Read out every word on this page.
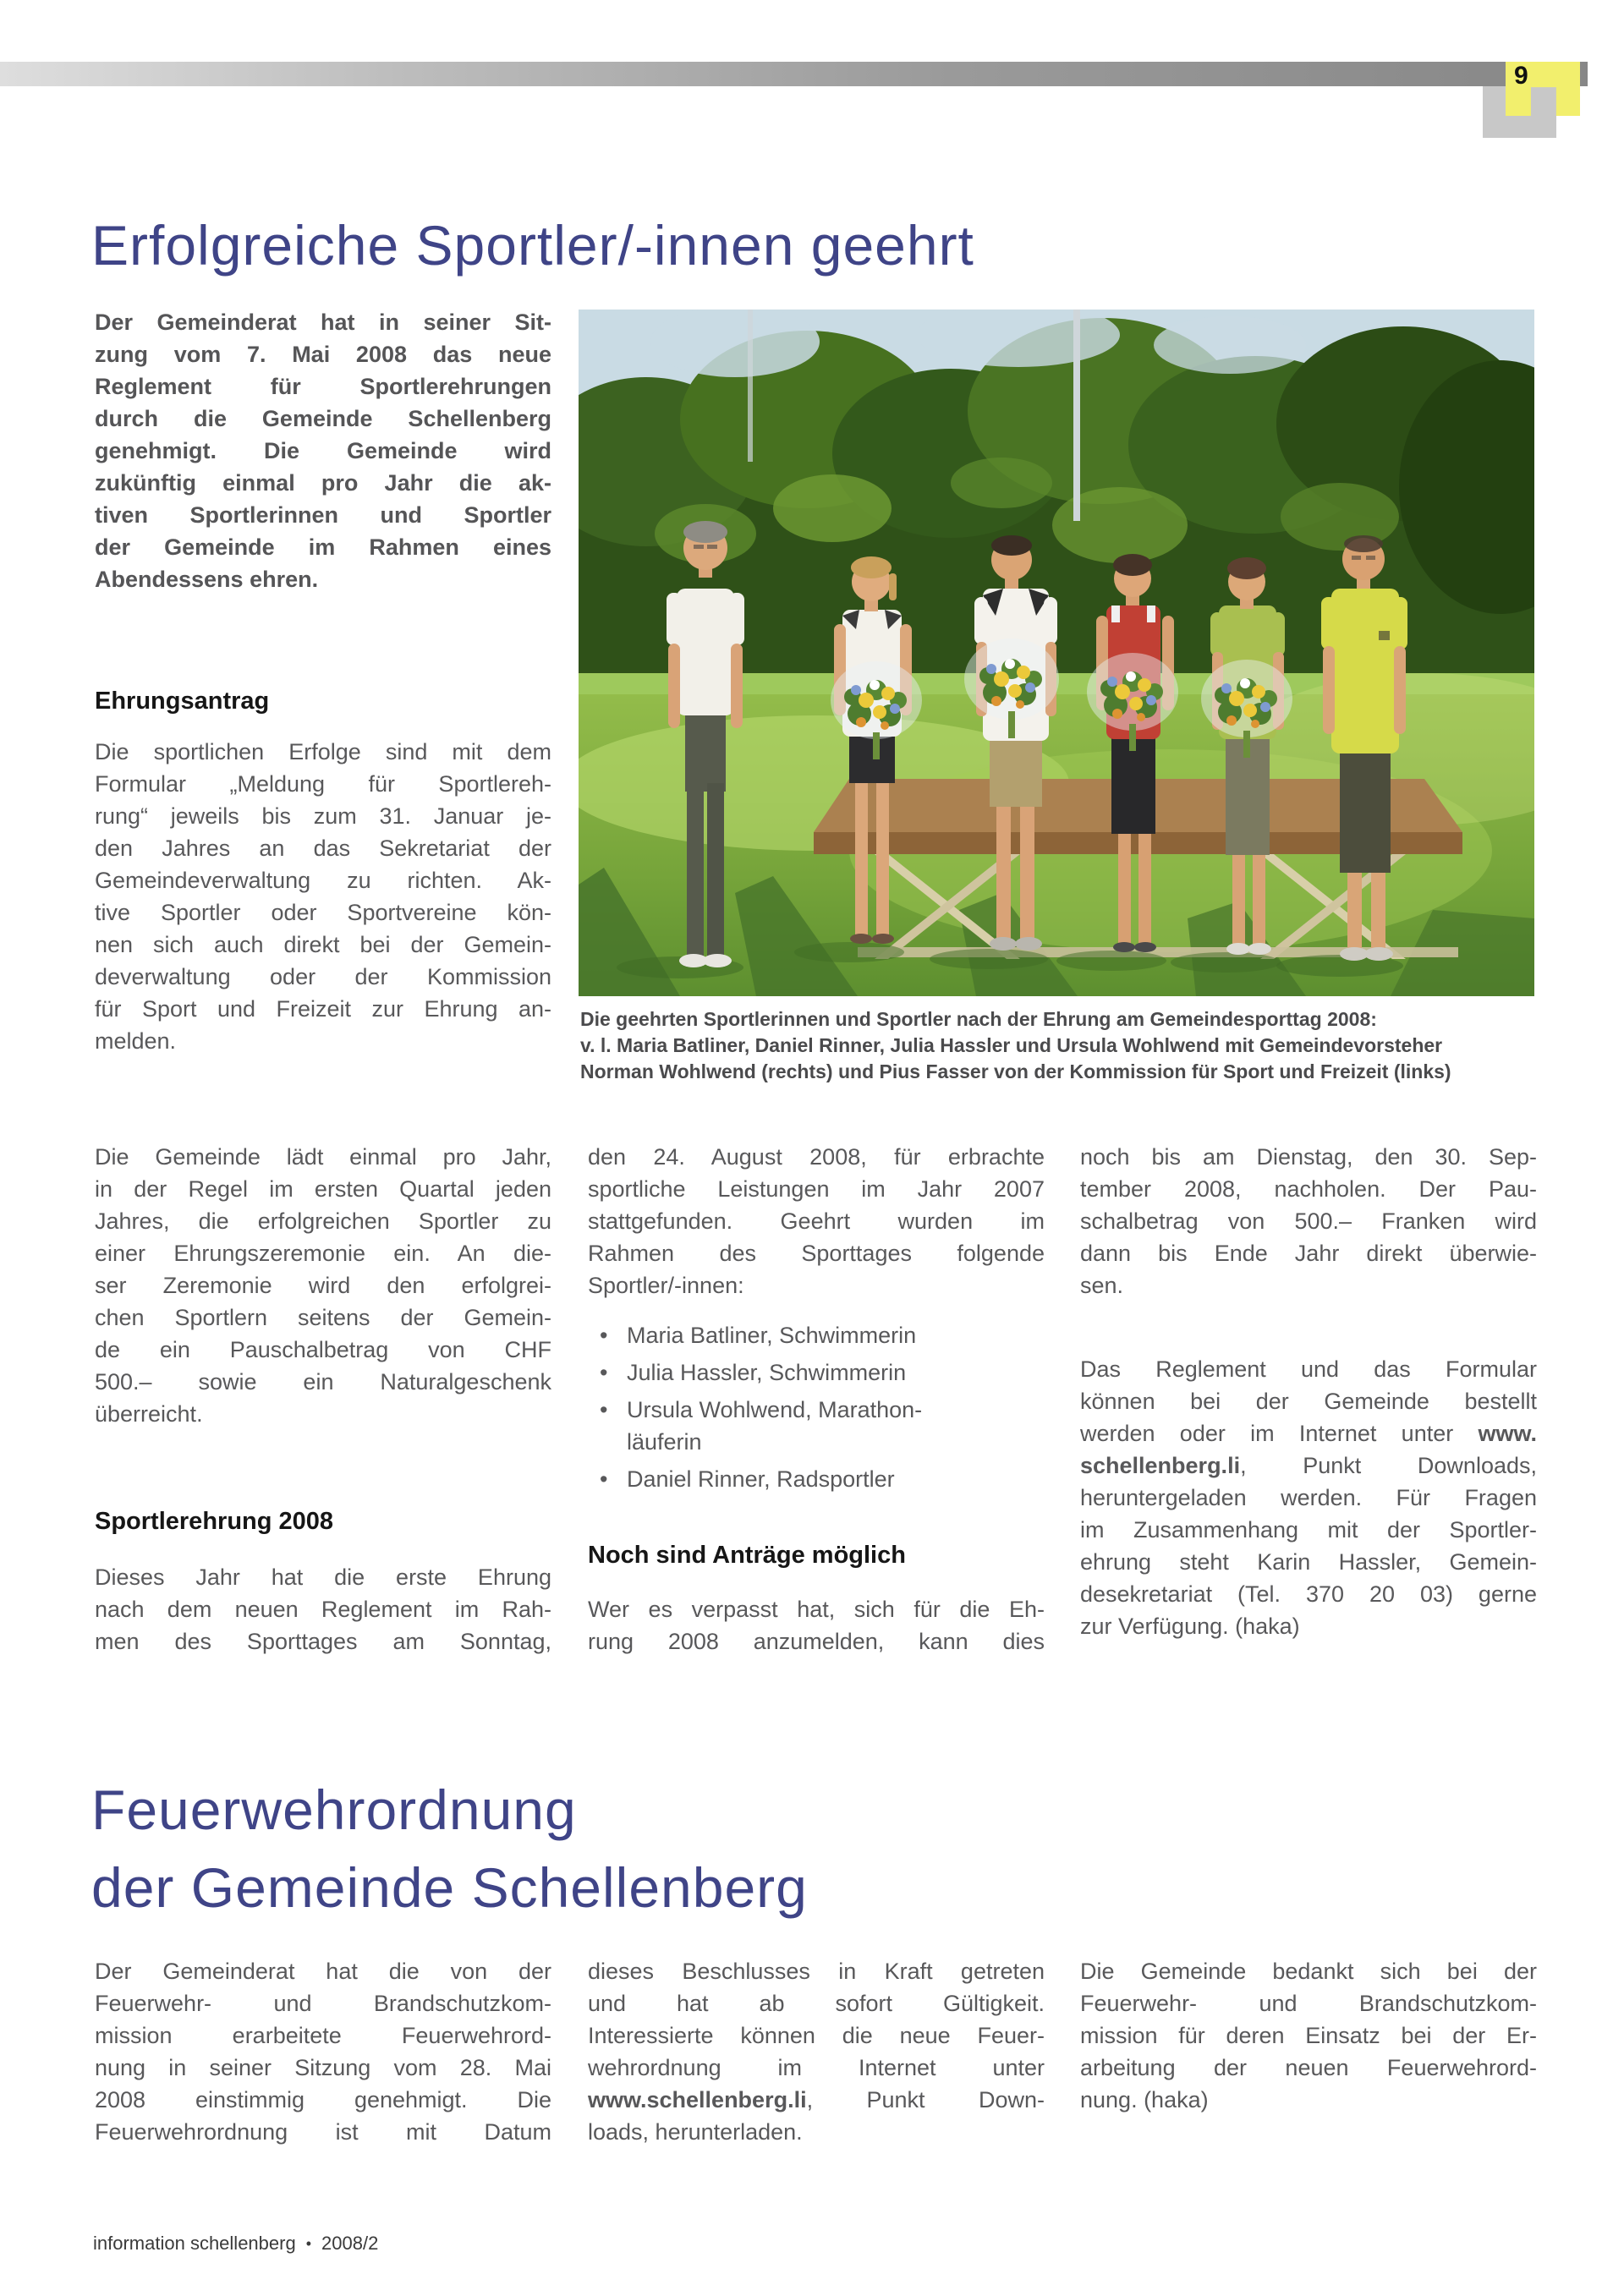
9
Erfolgreiche Sportler/-innen geehrt
Der Gemeinderat hat in seiner Sit-
zung vom 7. Mai 2008 das neue
Reglement für Sportlerehrungen
durch die Gemeinde Schellenberg
genehmigt. Die Gemeinde wird
zukünftig einmal pro Jahr die ak-
tiven Sportlerinnen und Sportler
der Gemeinde im Rahmen eines
Abendessens ehren.
Ehrungsantrag
Die sportlichen Erfolge sind mit dem
Formular „Meldung für Sportlereh-
rung“ jeweils bis zum 31. Januar je-
den Jahres an das Sekretariat der
Gemeindeverwaltung zu richten. Ak-
tive Sportler oder Sportvereine kön-
nen sich auch direkt bei der Gemein-
deverwaltung oder der Kommission
für Sport und Freizeit zur Ehrung an-
melden.
Die Gemeinde lädt einmal pro Jahr,
in der Regel im ersten Quartal jeden
Jahres, die erfolgreichen Sportler zu
einer Ehrungszeremonie ein. An die-
ser Zeremonie wird den erfolgrei-
chen Sportlern seitens der Gemein-
de ein Pauschalbetrag von CHF
500.– sowie ein Naturalgeschenk
überreicht.
Sportlerehrung 2008
Dieses Jahr hat die erste Ehrung
nach dem neuen Reglement im Rah-
men des Sporttages am Sonntag,
den 24. August 2008, für erbrachte
sportliche Leistungen im Jahr 2007
stattgefunden. Geehrt wurden im
Rahmen des Sporttages folgende
Sportler/-innen:
• Maria Batliner, Schwimmerin
• Julia Hassler, Schwimmerin
• Ursula Wohlwend, Marathon-
läuferin
• Daniel Rinner, Radsportler
Noch sind Anträge möglich
Wer es verpasst hat, sich für die Eh-
rung 2008 anzumelden, kann dies
noch bis am Dienstag, den 30. Sep-
tember 2008, nachholen. Der Pau-
schalbetrag von 500.– Franken wird
dann bis Ende Jahr direkt überwie-
sen.
Das Reglement und das Formular
können bei der Gemeinde bestellt
werden oder im Internet unter www.
schellenberg.li, Punkt Downloads,
heruntergeladen werden. Für Fragen
im Zusammenhang mit der Sportler-
ehrung steht Karin Hassler, Gemein-
desekretariat (Tel. 370 20 03) gerne
zur Verfügung. (haka)
Die geehrten Sportlerinnen und Sportler nach der Ehrung am Gemeindesporttag 2008:
v. l. Maria Batliner, Daniel Rinner, Julia Hassler und Ursula Wohlwend mit Gemeindevorsteher
Norman Wohlwend (rechts) und Pius Fasser von der Kommission für Sport und Freizeit (links)
Feuerwehrordnung
der Gemeinde Schellenberg
Der Gemeinderat hat die von der
Feuerwehr- und Brandschutzkom-
mission erarbeitete Feuerwehrord-
nung in seiner Sitzung vom 28. Mai
2008 einstimmig genehmigt. Die
Feuerwehrordnung ist mit Datum
dieses Beschlusses in Kraft getreten
und hat ab sofort Gültigkeit.
Interessierte können die neue Feuer-
wehrordnung im Internet unter
www.schellenberg.li, Punkt Down-
loads, herunterladen.
Die Gemeinde bedankt sich bei der
Feuerwehr- und Brandschutzkom-
mission für deren Einsatz bei der Er-
arbeitung der neuen Feuerwehrord-
nung. (haka)
information schellenberg • 2008/2
